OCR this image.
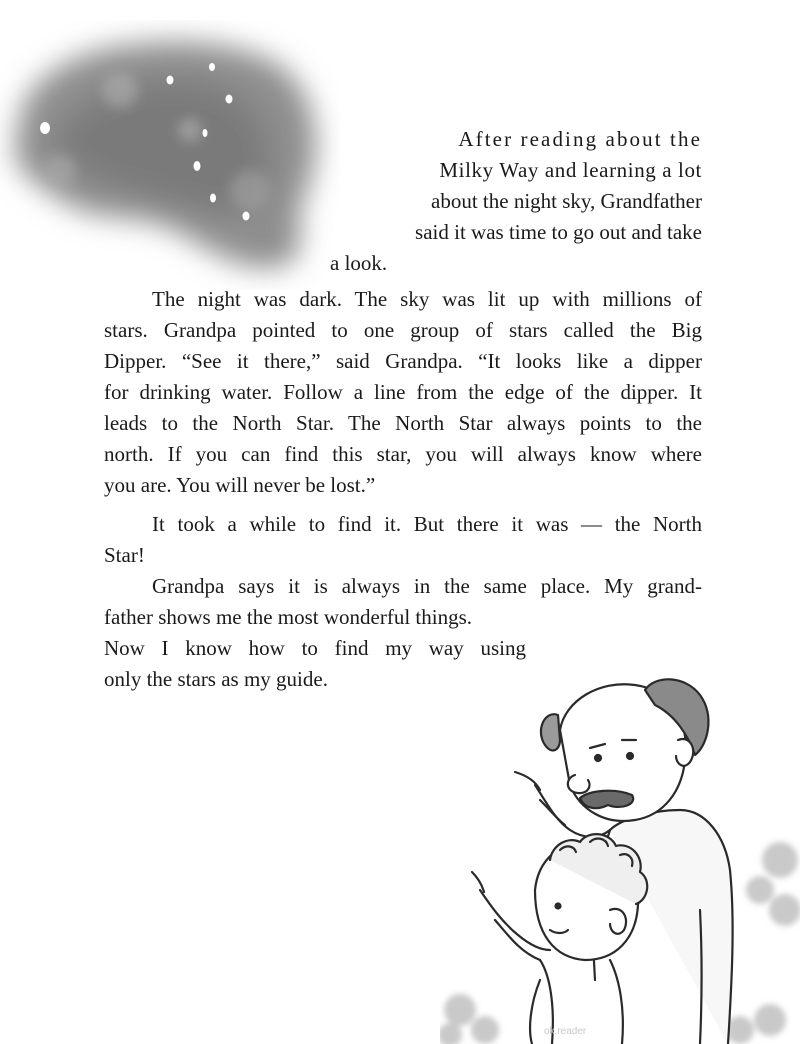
After reading about the
Milky Way and learning a lot
about the night sky, Grandfather
said it was time to go out and take
a look.
The night was dark. The sky was lit up with millions of
stars. Grandpa pointed to one group of stars called the Big
Dipper. “See it there,” said Grandpa. “It looks like a dipper
for drinking water. Follow a line from the edge of the dipper. It
leads to the North Star. The North Star always points to the
north. If you can find this star, you will always know where
you are. You will never be lost.”
It took a while to find it. But there it was — the North
Star!
Grandpa says it is always in the same place. My grand-
father shows me the most wonderful things.
Now I know how to find my way using
only the stars as my guide.
ok.reader
